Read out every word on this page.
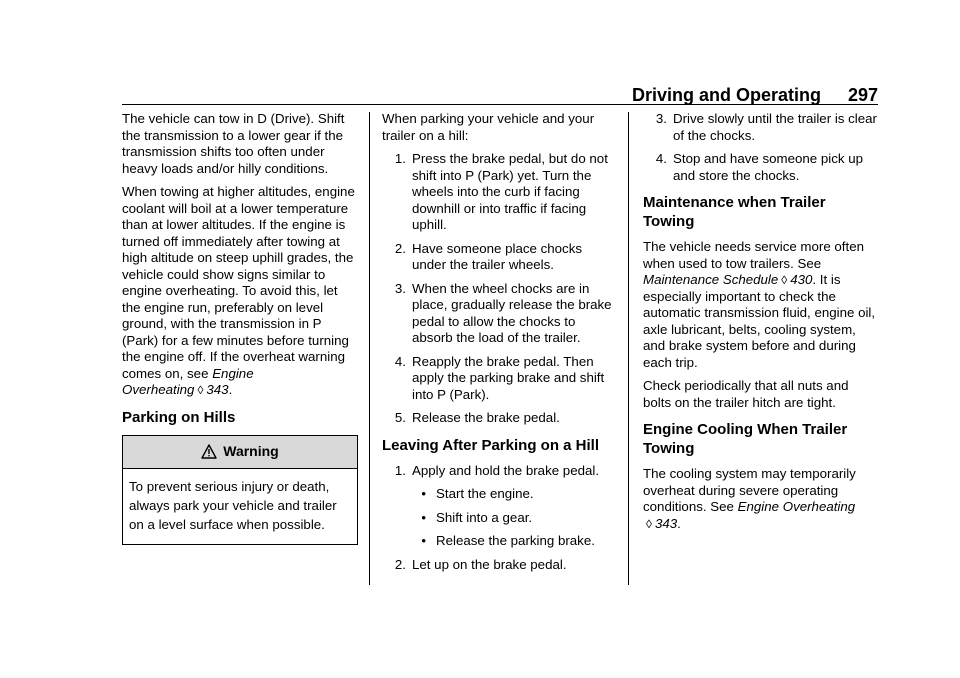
Driving and Operating 297

The vehicle can tow in D (Drive). Shift the transmission to a lower gear if the transmission shifts too often under heavy loads and/or hilly conditions.

When towing at higher altitudes, engine coolant will boil at a lower temperature than at lower altitudes. If the engine is turned off immediately after towing at high altitude on steep uphill grades, the vehicle could show signs similar to engine overheating. To avoid this, let the engine run, preferably on level ground, with the transmission in P (Park) for a few minutes before turning the engine off. If the overheat warning comes on, see Engine Overheating ◊ 343.

Parking on Hills
Warning
To prevent serious injury or death, always park your vehicle and trailer on a level surface when possible.

When parking your vehicle and your trailer on a hill:

1. Press the brake pedal, but do not shift into P (Park) yet. Turn the wheels into the curb if facing downhill or into traffic if facing uphill.
2. Have someone place chocks under the trailer wheels.
3. When the wheel chocks are in place, gradually release the brake pedal to allow the chocks to absorb the load of the trailer.
4. Reapply the brake pedal. Then apply the parking brake and shift into P (Park).
5. Release the brake pedal.
Leaving After Parking on a Hill
1. Apply and hold the brake pedal.
• Start the engine.
• Shift into a gear.
• Release the parking brake.
2. Let up on the brake pedal.
3. Drive slowly until the trailer is clear of the chocks.
4. Stop and have someone pick up and store the chocks.
Maintenance when Trailer Towing

The vehicle needs service more often when used to tow trailers. See Maintenance Schedule ◊ 430. It is especially important to check the automatic transmission fluid, engine oil, axle lubricant, belts, cooling system, and brake system before and during each trip.

Check periodically that all nuts and bolts on the trailer hitch are tight.

Engine Cooling When Trailer Towing

The cooling system may temporarily overheat during severe operating conditions. See Engine Overheating ◊ 343.
